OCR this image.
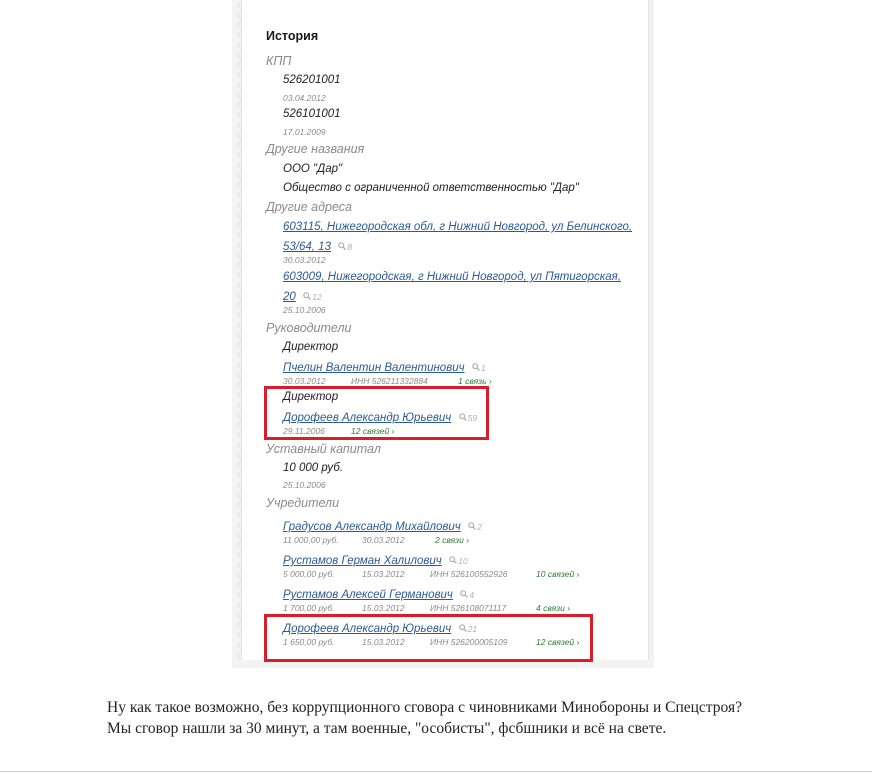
История
КПП
526201001
03.04.2012
526101001
17.01.2009
Другие названия
ООО "Дар"
Общество с ограниченной ответственностью "Дар"
Другие адреса
603115, Нижегородская обл, г Нижний Новгород, ул Белинского,
53/64, 13 8
30.03.2012
603009, Нижегородская, г Нижний Новгород, ул Пятигорская,
20 12
25.10.2006
Руководители
Директор
Пчелин Валентин Валентинович 1
30.03.2012	ИНН 526211332884	1 связь ›
Директор
Дорофеев Александр Юрьевич 59
29.11.2006	12 связей ›
Уставный капитал
10 000 руб.
25.10.2006
Учредители
Градусов Александр Михайлович 2
11 000,00 руб.	30.03.2012	2 связи ›
Рустамов Герман Халилович 10
5 000,00 руб.	15.03.2012	ИНН 526100552926	10 связей ›
Рустамов Алексей Германович 4
1 700,00 руб.	15.03.2012	ИНН 526108071117	4 связи ›
Дорофеев Александр Юрьевич 21
1 650,00 руб.	15.03.2012	ИНН 526200005109	12 связей ›
Ну как такое возможно, без коррупционного сговора с чиновниками Минобороны и Спецстроя? Мы сговор нашли за 30 минут, а там военные, "особисты", фсбшники и всё на свете.
